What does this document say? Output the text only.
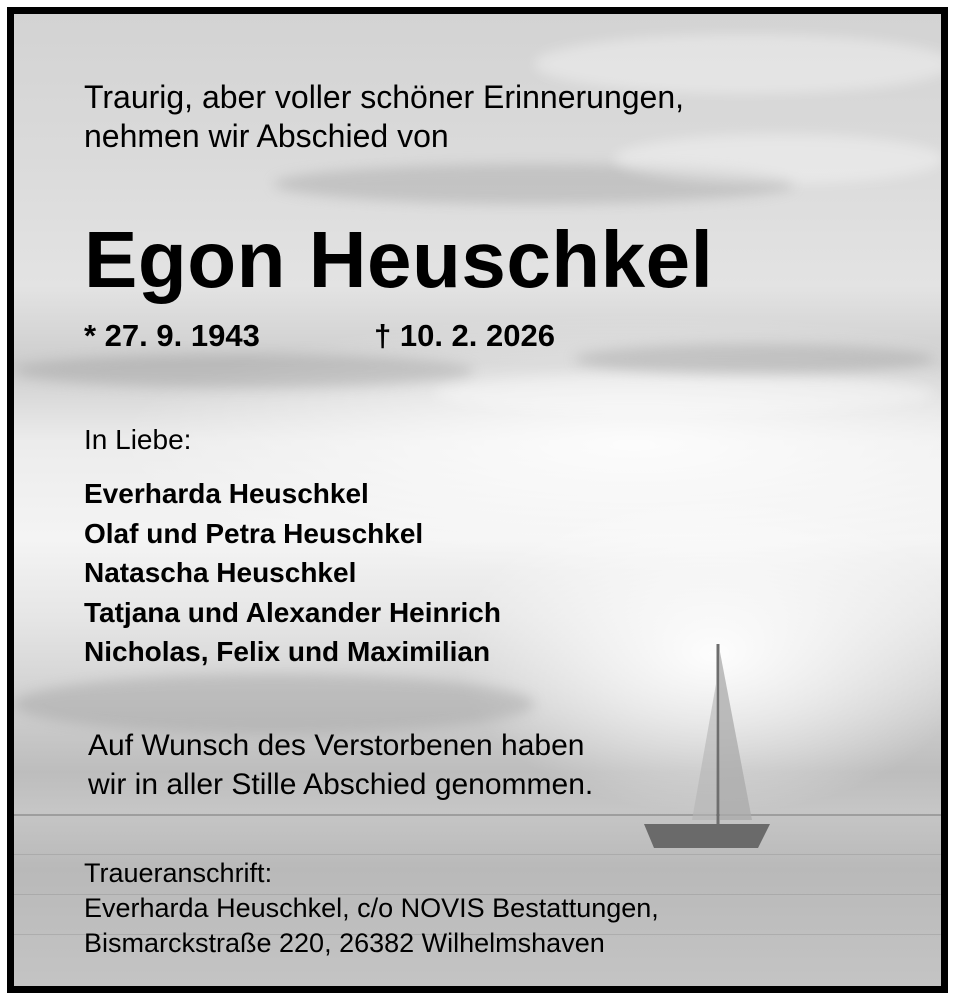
Traurig, aber voller schöner Erinnerungen,
nehmen wir Abschied von
Egon Heuschkel
* 27. 9. 1943	† 10. 2. 2026
In Liebe:
Everharda Heuschkel
Olaf und Petra Heuschkel
Natascha Heuschkel
Tatjana und Alexander Heinrich
Nicholas, Felix und Maximilian
Auf Wunsch des Verstorbenen haben
wir in aller Stille Abschied genommen.
Traueranschrift:
Everharda Heuschkel, c/o NOVIS Bestattungen,
Bismarckstraße 220, 26382 Wilhelmshaven
